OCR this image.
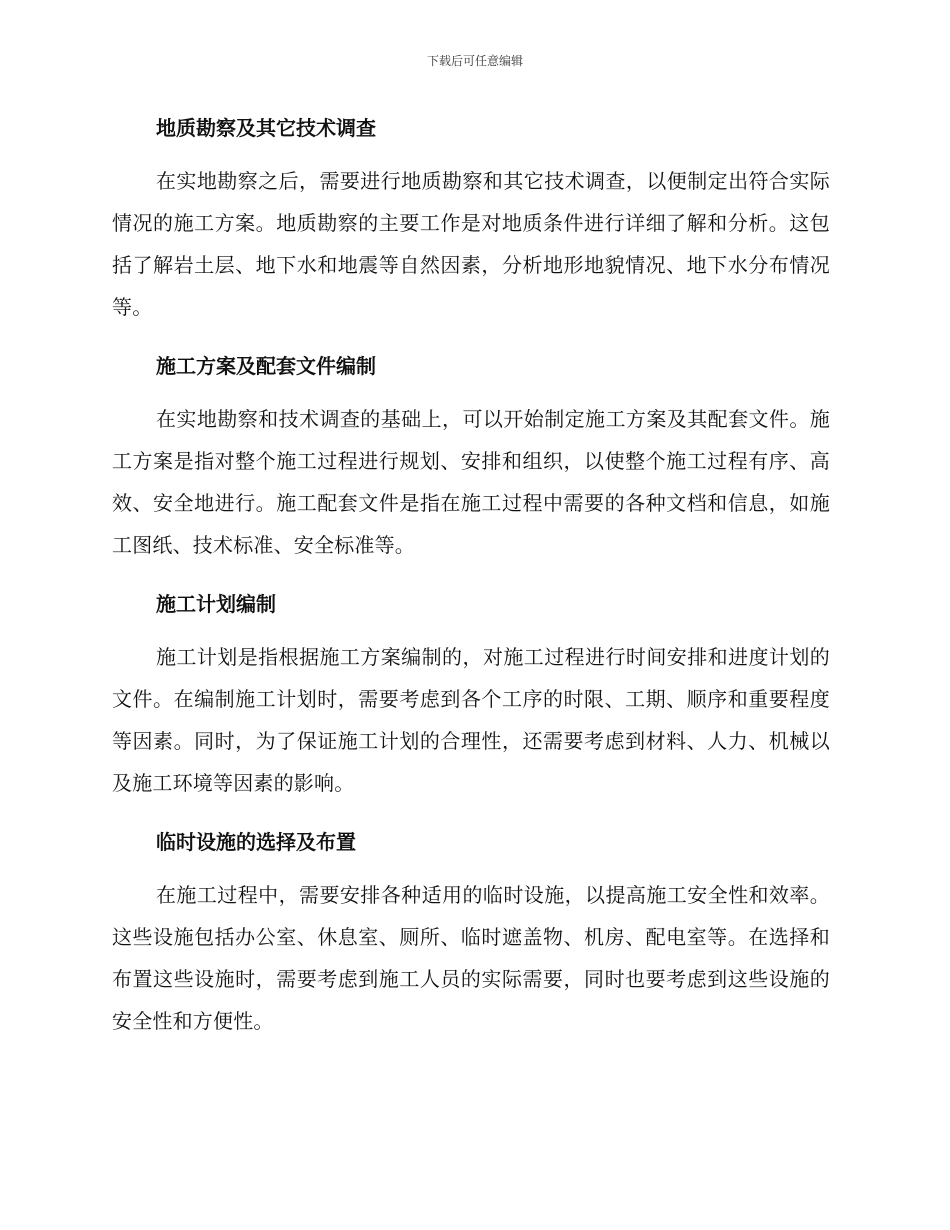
下载后可任意编辑
地质勘察及其它技术调查

在实地勘察之后，需要进行地质勘察和其它技术调查，以便制定出符合实际情况的施工方案。地质勘察的主要工作是对地质条件进行详细了解和分析。这包括了解岩土层、地下水和地震等自然因素，分析地形地貌情况、地下水分布情况等。

施工方案及配套文件编制

在实地勘察和技术调查的基础上，可以开始制定施工方案及其配套文件。施工方案是指对整个施工过程进行规划、安排和组织，以使整个施工过程有序、高效、安全地进行。施工配套文件是指在施工过程中需要的各种文档和信息，如施工图纸、技术标准、安全标准等。

施工计划编制

施工计划是指根据施工方案编制的，对施工过程进行时间安排和进度计划的文件。在编制施工计划时，需要考虑到各个工序的时限、工期、顺序和重要程度等因素。同时，为了保证施工计划的合理性，还需要考虑到材料、人力、机械以及施工环境等因素的影响。

临时设施的选择及布置

在施工过程中，需要安排各种适用的临时设施，以提高施工安全性和效率。这些设施包括办公室、休息室、厕所、临时遮盖物、机房、配电室等。在选择和布置这些设施时，需要考虑到施工人员的实际需要，同时也要考虑到这些设施的安全性和方便性。
